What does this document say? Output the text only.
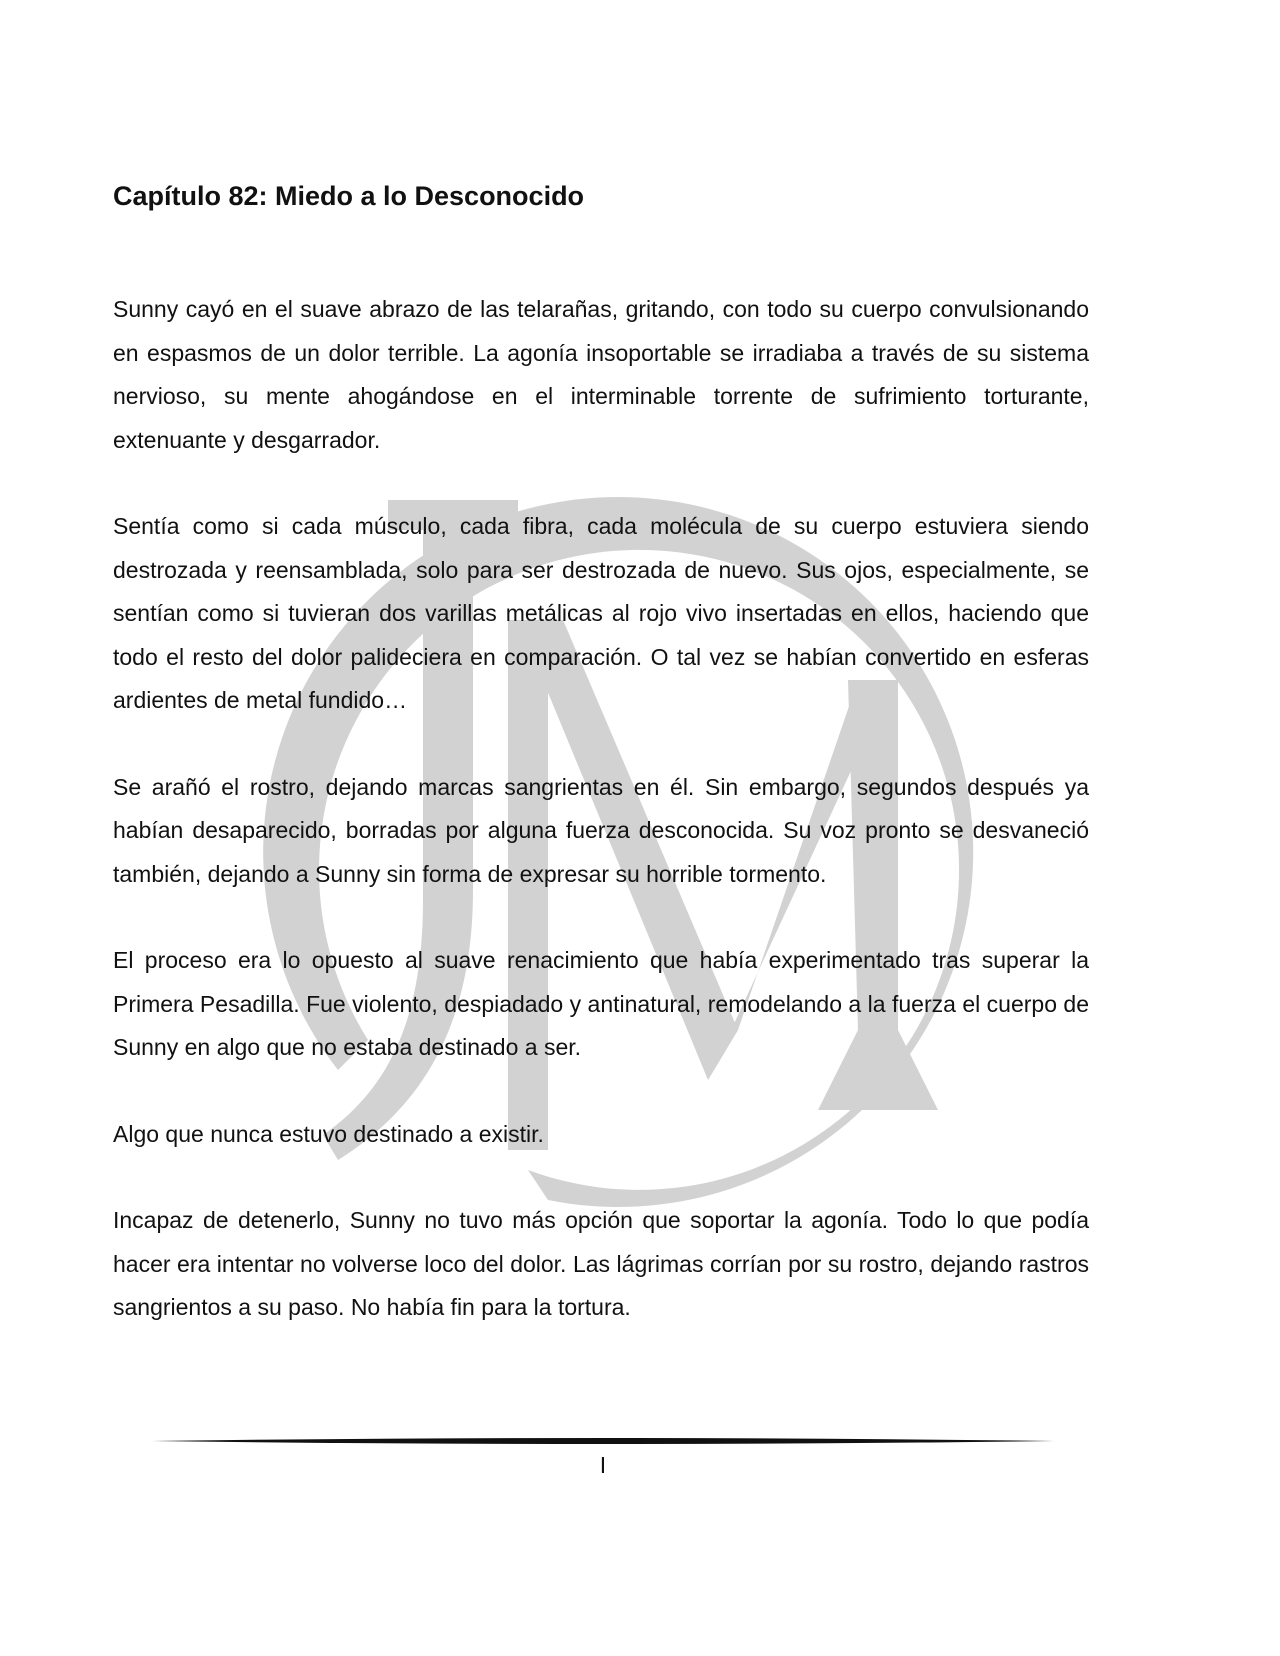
Capítulo 82: Miedo a lo Desconocido

Sunny cayó en el suave abrazo de las telarañas, gritando, con todo su cuerpo convulsionando en espasmos de un dolor terrible. La agonía insoportable se irradiaba a través de su sistema nervioso, su mente ahogándose en el interminable torrente de sufrimiento torturante, extenuante y desgarrador.

Sentía como si cada músculo, cada fibra, cada molécula de su cuerpo estuviera siendo destrozada y reensamblada, solo para ser destrozada de nuevo. Sus ojos, especialmente, se sentían como si tuvieran dos varillas metálicas al rojo vivo insertadas en ellos, haciendo que todo el resto del dolor palideciera en comparación. O tal vez se habían convertido en esferas ardientes de metal fundido…

Se arañó el rostro, dejando marcas sangrientas en él. Sin embargo, segundos después ya habían desaparecido, borradas por alguna fuerza desconocida. Su voz pronto se desvaneció también, dejando a Sunny sin forma de expresar su horrible tormento.

El proceso era lo opuesto al suave renacimiento que había experimentado tras superar la Primera Pesadilla. Fue violento, despiadado y antinatural, remodelando a la fuerza el cuerpo de Sunny en algo que no estaba destinado a ser.

Algo que nunca estuvo destinado a existir.

Incapaz de detenerlo, Sunny no tuvo más opción que soportar la agonía. Todo lo que podía hacer era intentar no volverse loco del dolor. Las lágrimas corrían por su rostro, dejando rastros sangrientos a su paso. No había fin para la tortura.

I
